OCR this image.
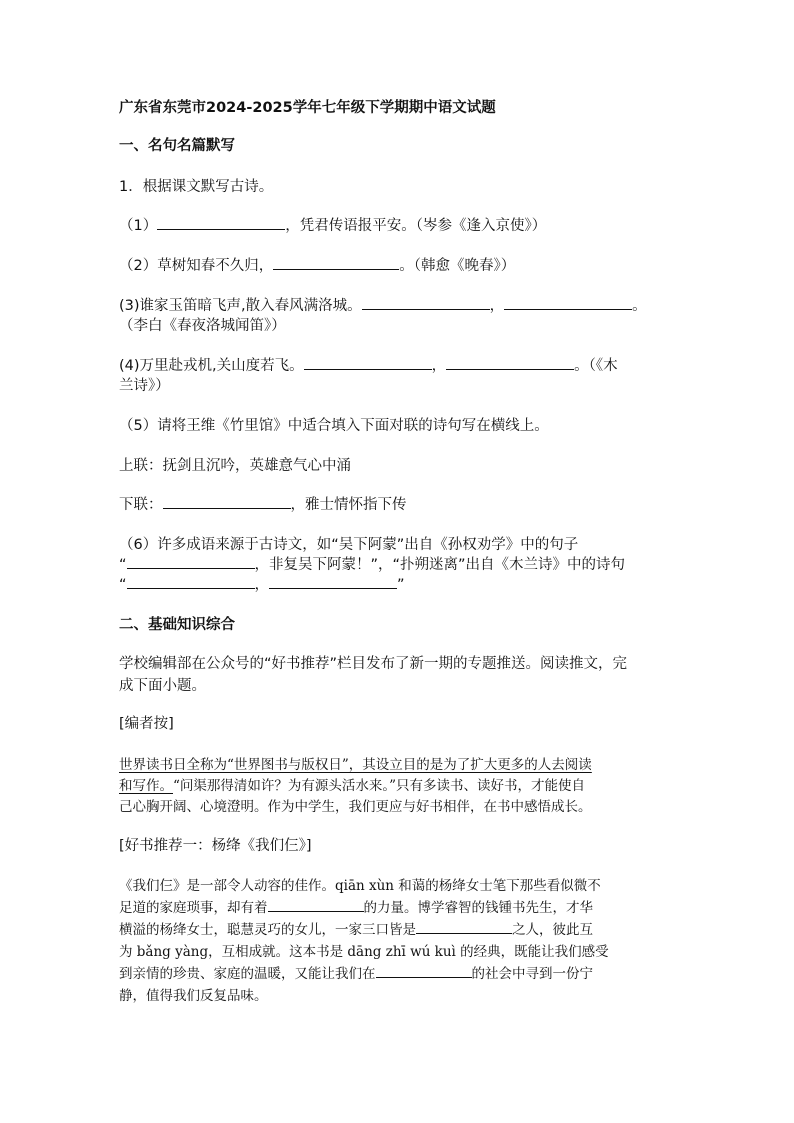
广东省东莞市2024-2025学年七年级下学期期中语文试题
一、名句名篇默写
1．根据课文默写古诗。
（1）	，凭君传语报平安。（岑参《逢入京使》）
（2）草树知春不久归，	。（韩愈《晚春》）
(3)谁家玉笛暗飞声,散入春风满洛城。	，	。
（李白《春夜洛城闻笛》）
(4)万里赴戎机,关山度若飞。	，	。（《木
兰诗》）
（5）请将王维《竹里馆》中适合填入下面对联的诗句写在横线上。
上联：抚剑且沉吟，英雄意气心中涌
下联：	，雅士情怀指下传
（6）许多成语来源于古诗文，如“吴下阿蒙”出自《孙权劝学》中的句子
“	，非复吴下阿蒙！”，“扑朔迷离”出自《木兰诗》中的诗句
“	，	”
二、基础知识综合
学校编辑部在公众号的“好书推荐”栏目发布了新一期的专题推送。阅读推文，完
成下面小题。
[编者按]
世界读书日全称为“世界图书与版权日”，其设立目的是为了扩大更多的人去阅读
和写作。“问渠那得清如许？为有源头活水来。”只有多读书、读好书，才能使自
己心胸开阔、心境澄明。作为中学生，我们更应与好书相伴，在书中感悟成长。
[好书推荐一：杨绛《我们仨》]
《我们仨》是一部令人动容的佳作。qiān xùn 和蔼的杨绛女士笔下那些看似微不
足道的家庭琐事，却有着	的力量。博学睿智的钱锺书先生，才华
横溢的杨绛女士，聪慧灵巧的女儿，一家三口皆是	之人，彼此互
为 bǎng yàng，互相成就。这本书是 dāng zhī wú kuì 的经典，既能让我们感受
到亲情的珍贵、家庭的温暖，又能让我们在	的社会中寻到一份宁
静，值得我们反复品味。
